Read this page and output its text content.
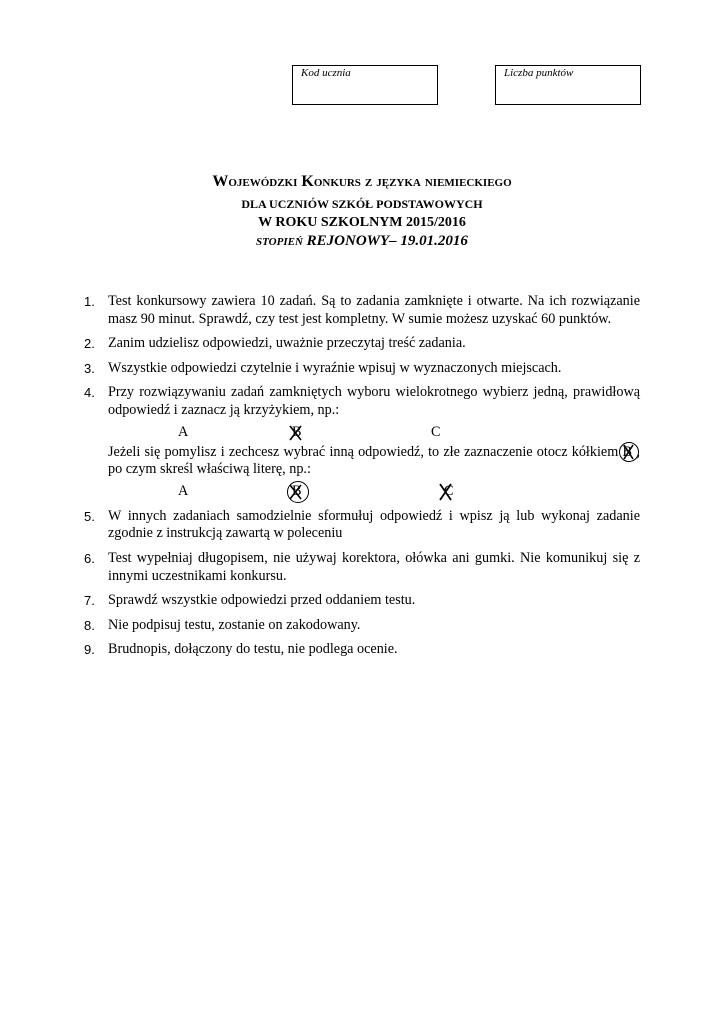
Kod ucznia	Liczba punktów
Wojewódzki Konkurs z języka niemieckiego
DLA UCZNIÓW SZKÓŁ PODSTAWOWYCH
W ROKU SZKOLNYM 2015/2016
STOPIEŃ REJONOWY– 19.01.2016
1. Test konkursowy zawiera 10 zadań. Są to zadania zamknięte i otwarte. Na ich rozwiązanie masz 90 minut. Sprawdź, czy test jest kompletny. W sumie możesz uzyskać 60 punktów.
2. Zanim udzielisz odpowiedzi, uważnie przeczytaj treść zadania.
3. Wszystkie odpowiedzi czytelnie i wyraźnie wpisuj w wyznaczonych miejscach.
4. Przy rozwiązywaniu zadań zamkniętych wyboru wielokrotnego wybierz jedną, prawidłową odpowiedź i zaznacz ją krzyżykiem, np.:
A	B	C
Jeżeli się pomylisz i zechcesz wybrać inną odpowiedź, to złe zaznaczenie otocz kółkiem
B , po czym skreśl właściwą literę, np.:
A	B	C
5. W innych zadaniach samodzielnie sformułuj odpowiedź i wpisz ją lub wykonaj zadanie zgodnie z instrukcją zawartą w poleceniu
6. Test wypełniaj długopisem, nie używaj korektora, ołówka ani gumki. Nie komunikuj się z innymi uczestnikami konkursu.
7. Sprawdź wszystkie odpowiedzi przed oddaniem testu.
8. Nie podpisuj testu, zostanie on zakodowany.
9. Brudnopis, dołączony do testu, nie podlega ocenie.
